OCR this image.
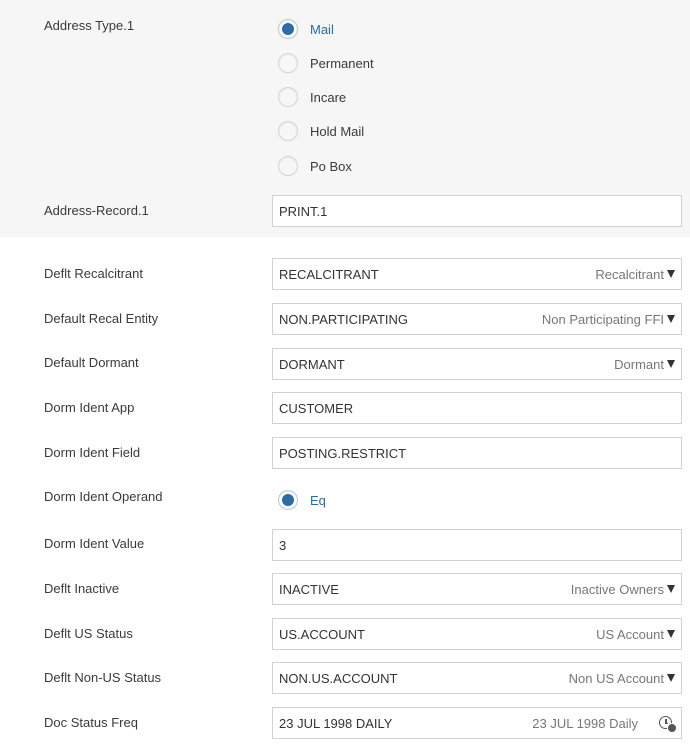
Address Type.1	Mail
Permanent
Incare
Hold Mail
Po Box
Address-Record.1	PRINT.1
Deflt Recalcitrant	RECALCITRANT	Recalcitrant
Default Recal Entity	NON.PARTICIPATING	Non Participating FFI
Default Dormant	DORMANT	Dormant
Dorm Ident App	CUSTOMER
Dorm Ident Field	POSTING.RESTRICT
Dorm Ident Operand	Eq
Dorm Ident Value	3
Deflt Inactive	INACTIVE	Inactive Owners
Deflt US Status	US.ACCOUNT	US Account
Deflt Non-US Status	NON.US.ACCOUNT	Non US Account
Doc Status Freq	23 JUL 1998 DAILY	23 JUL 1998 Daily
